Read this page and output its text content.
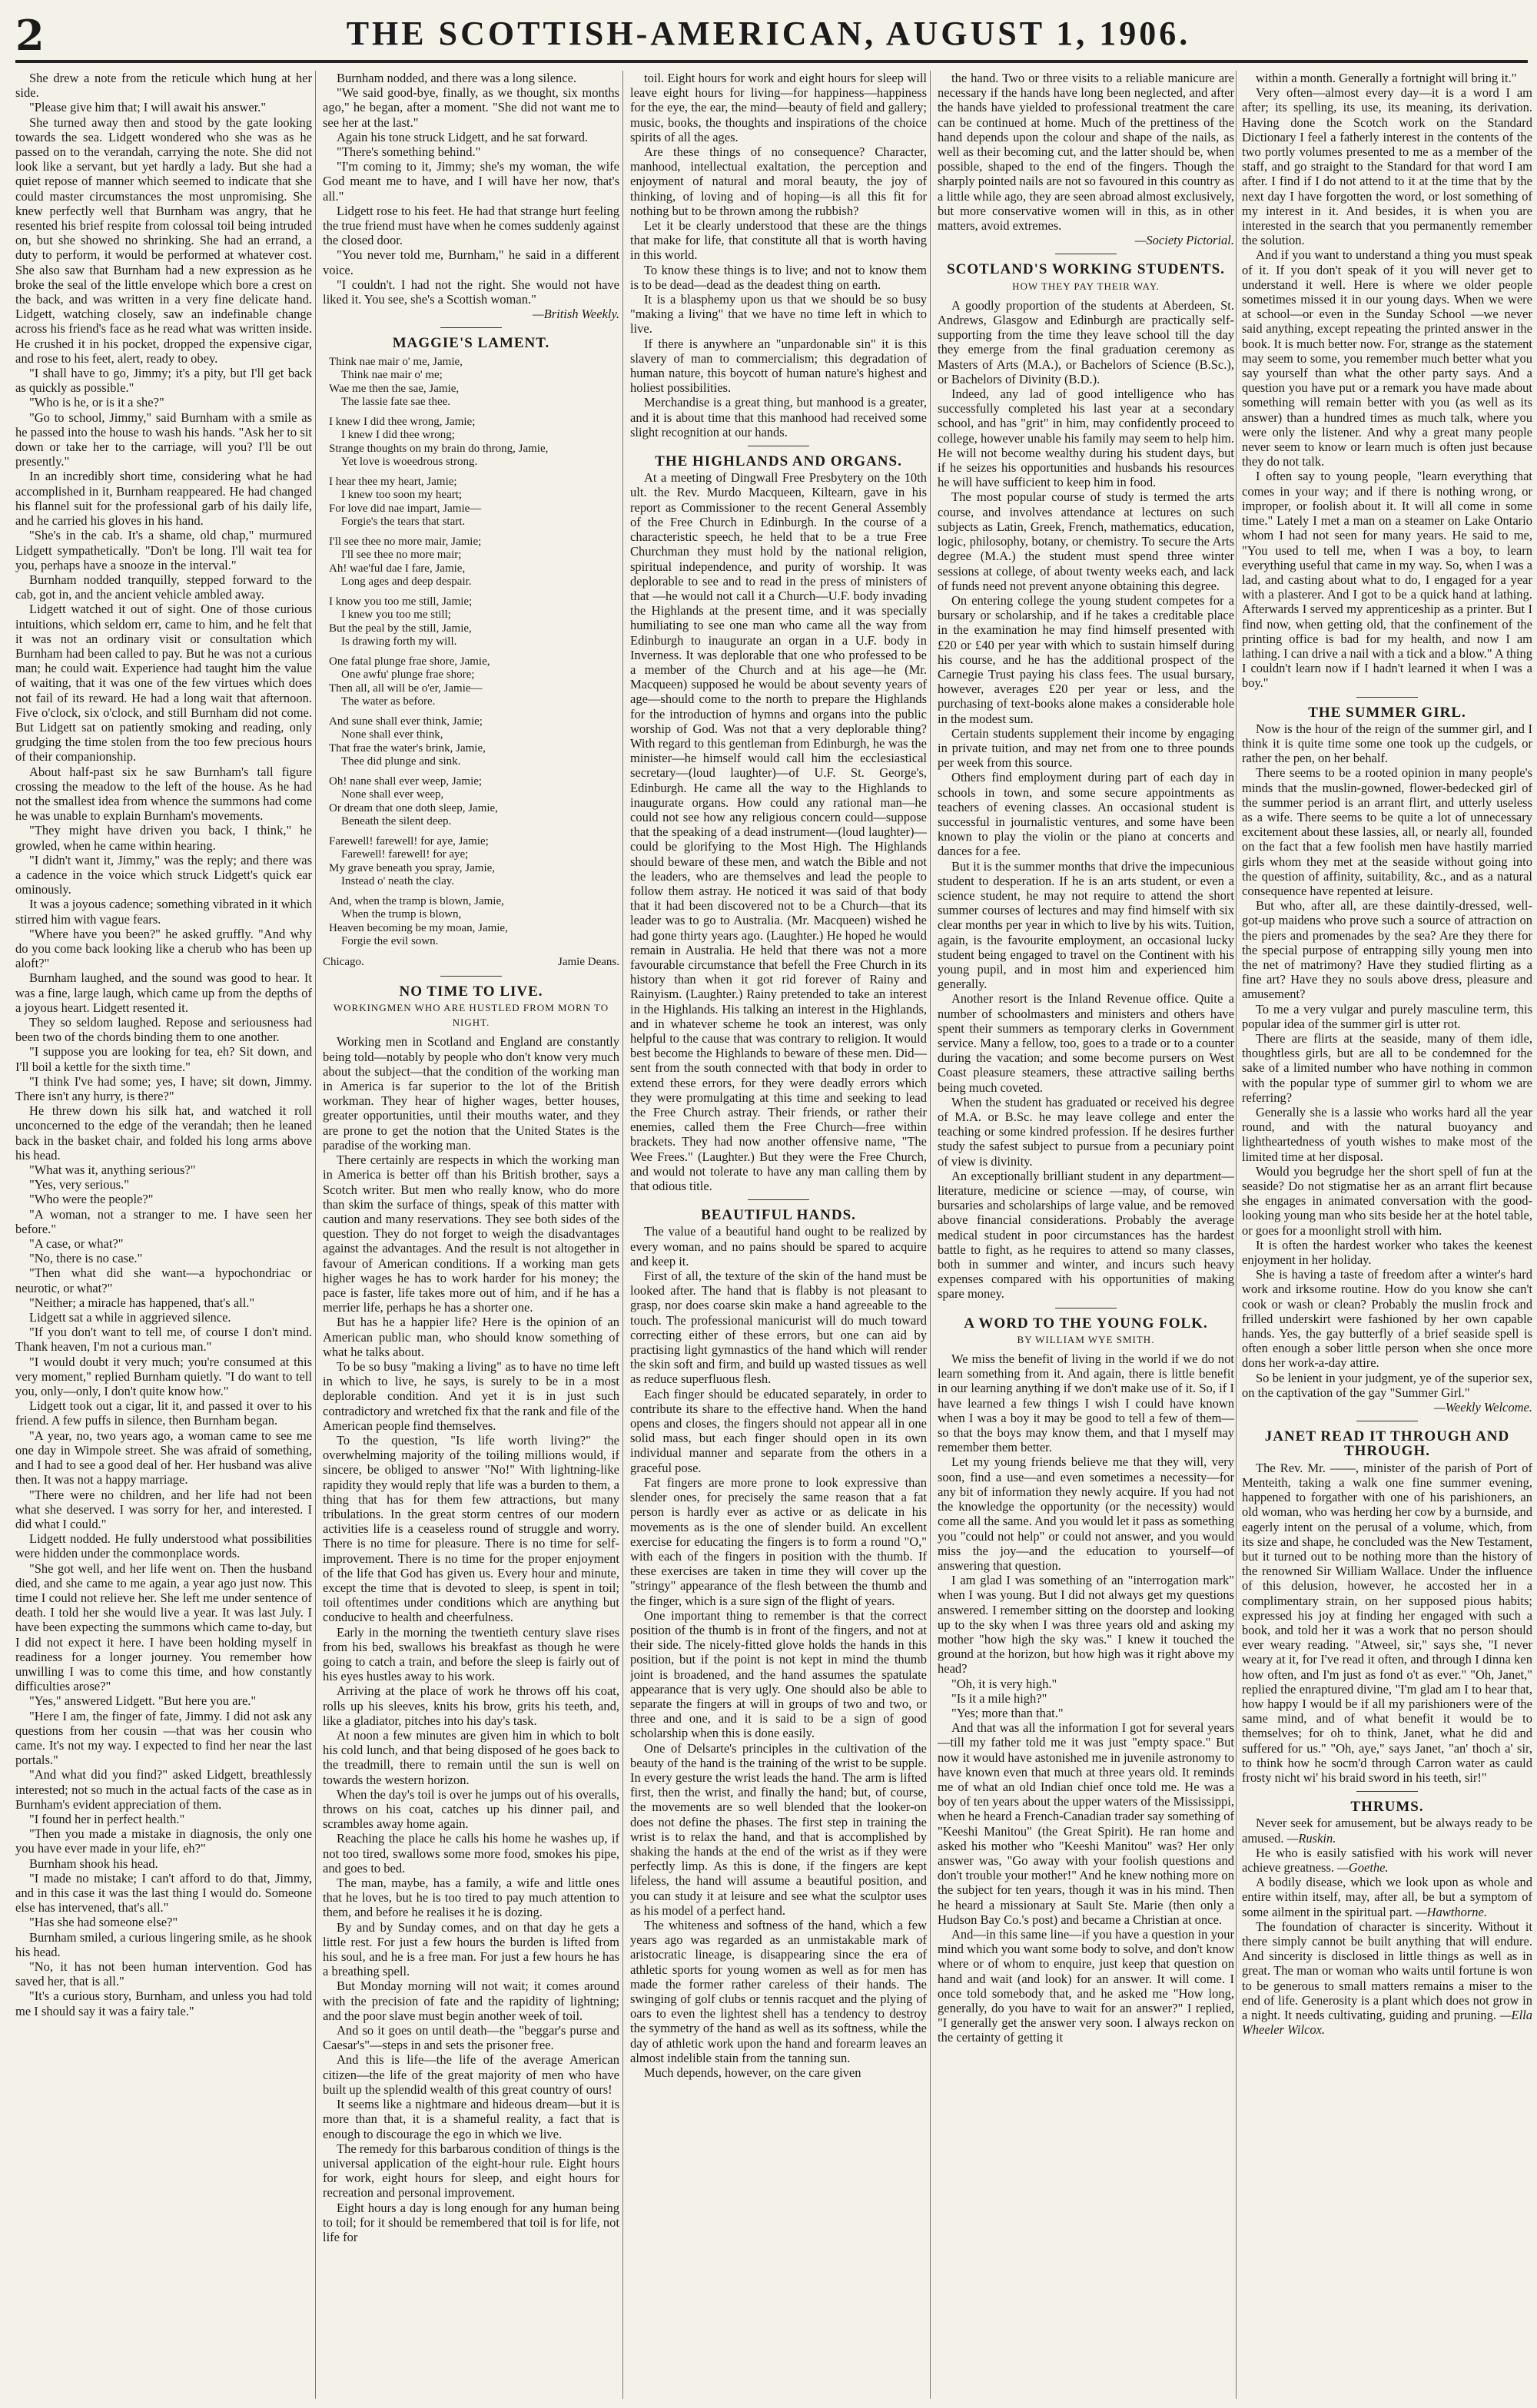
2	THE SCOTTISH-AMERICAN, AUGUST 1, 1906.

She drew a note from the reticule which hung at her side.

"Please give him that; I will await his answer."

She turned away then and stood by the gate looking towards the sea. Lidgett wondered who she was as he passed on to the verandah, carrying the note. She did not look like a servant, but yet hardly a lady. But she had a quiet repose of manner which seemed to indicate that she could master circumstances the most unpromising. She knew perfectly well that Burnham was angry, that he resented his brief respite from colossal toil being intruded on, but she showed no shrinking. She had an errand, a duty to perform, it would be performed at whatever cost. She also saw that Burnham had a new expression as he broke the seal of the little envelope which bore a crest on the back, and was written in a very fine delicate hand. Lidgett, watching closely, saw an indefinable change across his friend's face as he read what was written inside. He crushed it in his pocket, dropped the expensive cigar, and rose to his feet, alert, ready to obey.

"I shall have to go, Jimmy; it's a pity, but I'll get back as quickly as possible."

"Who is he, or is it a she?"

"Go to school, Jimmy," said Burnham with a smile as he passed into the house to wash his hands. "Ask her to sit down or take her to the carriage, will you? I'll be out presently."

In an incredibly short time, considering what he had accomplished in it, Burnham reappeared. He had changed his flannel suit for the professional garb of his daily life, and he carried his gloves in his hand.

"She's in the cab. It's a shame, old chap," murmured Lidgett sympathetically. "Don't be long. I'll wait tea for you, perhaps have a snooze in the interval."

Burnham nodded tranquilly, stepped forward to the cab, got in, and the ancient vehicle ambled away.

Lidgett watched it out of sight. One of those curious intuitions, which seldom err, came to him, and he felt that it was not an ordinary visit or consultation which Burnham had been called to pay. But he was not a curious man; he could wait. Experience had taught him the value of waiting, that it was one of the few virtues which does not fail of its reward. He had a long wait that afternoon. Five o'clock, six o'clock, and still Burnham did not come. But Lidgett sat on patiently smoking and reading, only grudging the time stolen from the too few precious hours of their companionship.

About half-past six he saw Burnham's tall figure crossing the meadow to the left of the house. As he had not the smallest idea from whence the summons had come he was unable to explain Burnham's movements.

"They might have driven you back, I think," he growled, when he came within hearing.

"I didn't want it, Jimmy," was the reply; and there was a cadence in the voice which struck Lidgett's quick ear ominously.

It was a joyous cadence; something vibrated in it which stirred him with vague fears.

"Where have you been?" he asked gruffly. "And why do you come back looking like a cherub who has been up aloft?"

Burnham laughed, and the sound was good to hear. It was a fine, large laugh, which came up from the depths of a joyous heart. Lidgett resented it.

They so seldom laughed. Repose and seriousness had been two of the chords binding them to one another.

"I suppose you are looking for tea, eh? Sit down, and I'll boil a kettle for the sixth time."

"I think I've had some; yes, I have; sit down, Jimmy. There isn't any hurry, is there?"

He threw down his silk hat, and watched it roll unconcerned to the edge of the verandah; then he leaned back in the basket chair, and folded his long arms above his head.

"What was it, anything serious?"

"Yes, very serious."

"Who were the people?"

"A woman, not a stranger to me. I have seen her before."

"A case, or what?"

"No, there is no case."

"Then what did she want—a hypochondriac or neurotic, or what?"

"Neither; a miracle has happened, that's all."

Lidgett sat a while in aggrieved silence.

"If you don't want to tell me, of course I don't mind. Thank heaven, I'm not a curious man."

"I would doubt it very much; you're consumed at this very moment," replied Burnham quietly. "I do want to tell you, only—only, I don't quite know how."

Lidgett took out a cigar, lit it, and passed it over to his friend. A few puffs in silence, then Burnham began.

"A year, no, two years ago, a woman came to see me one day in Wimpole street. She was afraid of something, and I had to see a good deal of her. Her husband was alive then. It was not a happy marriage.

"There were no children, and her life had not been what she deserved. I was sorry for her, and interested. I did what I could."

Lidgett nodded. He fully understood what possibilities were hidden under the commonplace words.

"She got well, and her life went on. Then the husband died, and she came to me again, a year ago just now. This time I could not relieve her. She left me under sentence of death. I told her she would live a year. It was last July. I have been expecting the summons which came to-day, but I did not expect it here. I have been holding myself in readiness for a longer journey. You remember how unwilling I was to come this time, and how constantly difficulties arose?"

"Yes," answered Lidgett. "But here you are."

"Here I am, the finger of fate, Jimmy. I did not ask any questions from her cousin —that was her cousin who came. It's not my way. I expected to find her near the last portals."

"And what did you find?" asked Lidgett, breathlessly interested; not so much in the actual facts of the case as in Burnham's evident appreciation of them.

"I found her in perfect health."

"Then you made a mistake in diagnosis, the only one you have ever made in your life, eh?"

Burnham shook his head.

"I made no mistake; I can't afford to do that, Jimmy, and in this case it was the last thing I would do. Someone else has intervened, that's all."

"Has she had someone else?"

Burnham smiled, a curious lingering smile, as he shook his head.

"No, it has not been human intervention. God has saved her, that is all."

"It's a curious story, Burnham, and unless you had told me I should say it was a fairy tale."

Burnham nodded, and there was a long silence.

"We said good-bye, finally, as we thought, six months ago," he began, after a moment. "She did not want me to see her at the last."

Again his tone struck Lidgett, and he sat forward.

"There's something behind."

"I'm coming to it, Jimmy; she's my woman, the wife God meant me to have, and I will have her now, that's all."

Lidgett rose to his feet. He had that strange hurt feeling the true friend must have when he comes suddenly against the closed door.

"You never told me, Burnham," he said in a different voice.

"I couldn't. I had not the right. She would not have liked it. You see, she's a Scottish woman."

—British Weekly.
MAGGIE'S LAMENT.
Think nae mair o' me, Jamie,
Think nae mair o' me;
Wae me then the sae, Jamie,
The lassie fate sae thee.
I knew I did thee wrong, Jamie;
I knew I did thee wrong;
Strange thoughts on my brain do throng, Jamie,
Yet love is woeedrous strong.
I hear thee my heart, Jamie;
I knew too soon my heart;
For love did nae impart, Jamie—
Forgie's the tears that start.
I'll see thee no more mair, Jamie;
I'll see thee no more mair;
Ah! wae'ful dae I fare, Jamie,
Long ages and deep despair.
I know you too me still, Jamie;
I knew you too me still;
But the peal by the still, Jamie,
Is drawing forth my will.
One fatal plunge frae shore, Jamie,
One awfu' plunge frae shore;
Then all, all will be o'er, Jamie—
The water as before.
And sune shall ever think, Jamie;
None shall ever think,
That frae the water's brink, Jamie,
Thee did plunge and sink.
Oh! nane shall ever weep, Jamie;
None shall ever weep,
Or dream that one doth sleep, Jamie,
Beneath the silent deep.
Farewell! farewell! for aye, Jamie;
Farewell! farewell! for aye;
My grave beneath you spray, Jamie,
Instead o' neath the clay.
And, when the tramp is blown, Jamie,
When the trump is blown,
Heaven becoming be my moan, Jamie,
Forgie the evil sown.
Chicago.	Jamie Deans.
NO TIME TO LIVE.
WORKINGMEN WHO ARE HUSTLED FROM MORN TO NIGHT.

Working men in Scotland and England are constantly being told—notably by people who don't know very much about the subject—that the condition of the working man in America is far superior to the lot of the British workman. They hear of higher wages, better houses, greater opportunities, until their mouths water, and they are prone to get the notion that the United States is the paradise of the working man.

There certainly are respects in which the working man in America is better off than his British brother, says a Scotch writer. But men who really know, who do more than skim the surface of things, speak of this matter with caution and many reservations. They see both sides of the question. They do not forget to weigh the disadvantages against the advantages. And the result is not altogether in favour of American conditions. If a working man gets higher wages he has to work harder for his money; the pace is faster, life takes more out of him, and if he has a merrier life, perhaps he has a shorter one.

But has he a happier life? Here is the opinion of an American public man, who should know something of what he talks about.

To be so busy "making a living" as to have no time left in which to live, he says, is surely to be in a most deplorable condition. And yet it is in just such contradictory and wretched fix that the rank and file of the American people find themselves.

To the question, "Is life worth living?" the overwhelming majority of the toiling millions would, if sincere, be obliged to answer "No!" With lightning-like rapidity they would reply that life was a burden to them, a thing that has for them few attractions, but many tribulations. In the great storm centres of our modern activities life is a ceaseless round of struggle and worry. There is no time for pleasure. There is no time for self-improvement. There is no time for the proper enjoyment of the life that God has given us. Every hour and minute, except the time that is devoted to sleep, is spent in toil; toil oftentimes under conditions which are anything but conducive to health and cheerfulness.

Early in the morning the twentieth century slave rises from his bed, swallows his breakfast as though he were going to catch a train, and before the sleep is fairly out of his eyes hustles away to his work.

Arriving at the place of work he throws off his coat, rolls up his sleeves, knits his brow, grits his teeth, and, like a gladiator, pitches into his day's task.

At noon a few minutes are given him in which to bolt his cold lunch, and that being disposed of he goes back to the treadmill, there to remain until the sun is well on towards the western horizon.

When the day's toil is over he jumps out of his overalls, throws on his coat, catches up his dinner pail, and scrambles away home again.

Reaching the place he calls his home he washes up, if not too tired, swallows some more food, smokes his pipe, and goes to bed.

The man, maybe, has a family, a wife and little ones that he loves, but he is too tired to pay much attention to them, and before he realises it he is dozing.

By and by Sunday comes, and on that day he gets a little rest. For just a few hours the burden is lifted from his soul, and he is a free man. For just a few hours he has a breathing spell.

But Monday morning will not wait; it comes around with the precision of fate and the rapidity of lightning; and the poor slave must begin another week of toil.

And so it goes on until death—the "beggar's purse and Caesar's"—steps in and sets the prisoner free.

And this is life—the life of the average American citizen—the life of the great majority of men who have built up the splendid wealth of this great country of ours!

It seems like a nightmare and hideous dream—but it is more than that, it is a shameful reality, a fact that is enough to discourage the ego in which we live.

The remedy for this barbarous condition of things is the universal application of the eight-hour rule. Eight hours for work, eight hours for sleep, and eight hours for recreation and personal improvement.

Eight hours a day is long enough for any human being to toil; for it should be remembered that toil is for life, not life for

toil. Eight hours for work and eight hours for sleep will leave eight hours for living—for happiness—happiness for the eye, the ear, the mind—beauty of field and gallery; music, books, the thoughts and inspirations of the choice spirits of all the ages.

Are these things of no consequence? Character, manhood, intellectual exaltation, the perception and enjoyment of natural and moral beauty, the joy of thinking, of loving and of hoping—is all this fit for nothing but to be thrown among the rubbish?

Let it be clearly understood that these are the things that make for life, that constitute all that is worth having in this world.

To know these things is to live; and not to know them is to be dead—dead as the deadest thing on earth.

It is a blasphemy upon us that we should be so busy "making a living" that we have no time left in which to live.

If there is anywhere an "unpardonable sin" it is this slavery of man to commercialism; this degradation of human nature, this boycott of human nature's highest and holiest possibilities.

Merchandise is a great thing, but manhood is a greater, and it is about time that this manhood had received some slight recognition at our hands.

THE HIGHLANDS AND ORGANS.

At a meeting of Dingwall Free Presbytery on the 10th ult. the Rev. Murdo Macqueen, Kiltearn, gave in his report as Commissioner to the recent General Assembly of the Free Church in Edinburgh. In the course of a characteristic speech, he held that to be a true Free Churchman they must hold by the national religion, spiritual independence, and purity of worship. It was deplorable to see and to read in the press of ministers of that —he would not call it a Church—U.F. body invading the Highlands at the present time, and it was specially humiliating to see one man who came all the way from Edinburgh to inaugurate an organ in a U.F. body in Inverness. It was deplorable that one who professed to be a member of the Church and at his age—he (Mr. Macqueen) supposed he would be about seventy years of age—should come to the north to prepare the Highlands for the introduction of hymns and organs into the public worship of God. Was not that a very deplorable thing? With regard to this gentleman from Edinburgh, he was the minister—he himself would call him the ecclesiastical secretary—(loud laughter)—of U.F. St. George's, Edinburgh. He came all the way to the Highlands to inaugurate organs. How could any rational man—he could not see how any religious concern could—suppose that the speaking of a dead instrument—(loud laughter)—could be glorifying to the Most High. The Highlands should beware of these men, and watch the Bible and not the leaders, who are themselves and lead the people to follow them astray. He noticed it was said of that body that it had been discovered not to be a Church—that its leader was to go to Australia. (Mr. Macqueen) wished he had gone thirty years ago. (Laughter.) He hoped he would remain in Australia. He held that there was not a more favourable circumstance that befell the Free Church in its history than when it got rid forever of Rainy and Rainyism. (Laughter.) Rainy pretended to take an interest in the Highlands. His talking an interest in the Highlands, and in whatever scheme he took an interest, was only helpful to the cause that was contrary to religion. It would best become the Highlands to beware of these men. Did—sent from the south connected with that body in order to extend these errors, for they were deadly errors which they were promulgating at this time and seeking to lead the Free Church astray. Their friends, or rather their enemies, called them the Free Church—free within brackets. They had now another offensive name, "The Wee Frees." (Laughter.) But they were the Free Church, and would not tolerate to have any man calling them by that odious title.

BEAUTIFUL HANDS.

The value of a beautiful hand ought to be realized by every woman, and no pains should be spared to acquire and keep it.

First of all, the texture of the skin of the hand must be looked after. The hand that is flabby is not pleasant to grasp, nor does coarse skin make a hand agreeable to the touch. The professional manicurist will do much toward correcting either of these errors, but one can aid by practising light gymnastics of the hand which will render the skin soft and firm, and build up wasted tissues as well as reduce superfluous flesh.

Each finger should be educated separately, in order to contribute its share to the effective hand. When the hand opens and closes, the fingers should not appear all in one solid mass, but each finger should open in its own individual manner and separate from the others in a graceful pose.

Fat fingers are more prone to look expressive than slender ones, for precisely the same reason that a fat person is hardly ever as active or as delicate in his movements as is the one of slender build. An excellent exercise for educating the fingers is to form a round "O," with each of the fingers in position with the thumb. If these exercises are taken in time they will cover up the "stringy" appearance of the flesh between the thumb and the finger, which is a sure sign of the flight of years.

One important thing to remember is that the correct position of the thumb is in front of the fingers, and not at their side. The nicely-fitted glove holds the hands in this position, but if the point is not kept in mind the thumb joint is broadened, and the hand assumes the spatulate appearance that is very ugly. One should also be able to separate the fingers at will in groups of two and two, or three and one, and it is said to be a sign of good scholarship when this is done easily.

One of Delsarte's principles in the cultivation of the beauty of the hand is the training of the wrist to be supple. In every gesture the wrist leads the hand. The arm is lifted first, then the wrist, and finally the hand; but, of course, the movements are so well blended that the looker-on does not define the phases. The first step in training the wrist is to relax the hand, and that is accomplished by shaking the hands at the end of the wrist as if they were perfectly limp. As this is done, if the fingers are kept lifeless, the hand will assume a beautiful position, and you can study it at leisure and see what the sculptor uses as his model of a perfect hand.

The whiteness and softness of the hand, which a few years ago was regarded as an unmistakable mark of aristocratic lineage, is disappearing since the era of athletic sports for young women as well as for men has made the former rather careless of their hands. The swinging of golf clubs or tennis racquet and the plying of oars to even the lightest shell has a tendency to destroy the symmetry of the hand as well as its softness, while the day of athletic work upon the hand and forearm leaves an almost indelible stain from the tanning sun.

Much depends, however, on the care given

the hand. Two or three visits to a reliable manicure are necessary if the hands have long been neglected, and after the hands have yielded to professional treatment the care can be continued at home. Much of the prettiness of the hand depends upon the colour and shape of the nails, as well as their becoming cut, and the latter should be, when possible, shaped to the end of the fingers. Though the sharply pointed nails are not so favoured in this country as a little while ago, they are seen abroad almost exclusively, but more conservative women will in this, as in other matters, avoid extremes.

—Society Pictorial.
SCOTLAND'S WORKING STUDENTS.
HOW THEY PAY THEIR WAY.

A goodly proportion of the students at Aberdeen, St. Andrews, Glasgow and Edinburgh are practically self-supporting from the time they leave school till the day they emerge from the final graduation ceremony as Masters of Arts (M.A.), or Bachelors of Science (B.Sc.), or Bachelors of Divinity (B.D.).

Indeed, any lad of good intelligence who has successfully completed his last year at a secondary school, and has "grit" in him, may confidently proceed to college, however unable his family may seem to help him. He will not become wealthy during his student days, but if he seizes his opportunities and husbands his resources he will have sufficient to keep him in food.

The most popular course of study is termed the arts course, and involves attendance at lectures on such subjects as Latin, Greek, French, mathematics, education, logic, philosophy, botany, or chemistry. To secure the Arts degree (M.A.) the student must spend three winter sessions at college, of about twenty weeks each, and lack of funds need not prevent anyone obtaining this degree.

On entering college the young student competes for a bursary or scholarship, and if he takes a creditable place in the examination he may find himself presented with £20 or £40 per year with which to sustain himself during his course, and he has the additional prospect of the Carnegie Trust paying his class fees. The usual bursary, however, averages £20 per year or less, and the purchasing of text-books alone makes a considerable hole in the modest sum.

Certain students supplement their income by engaging in private tuition, and may net from one to three pounds per week from this source.

Others find employment during part of each day in schools in town, and some secure appointments as teachers of evening classes. An occasional student is successful in journalistic ventures, and some have been known to play the violin or the piano at concerts and dances for a fee.

But it is the summer months that drive the impecunious student to desperation. If he is an arts student, or even a science student, he may not require to attend the short summer courses of lectures and may find himself with six clear months per year in which to live by his wits. Tuition, again, is the favourite employment, an occasional lucky student being engaged to travel on the Continent with his young pupil, and in most him and experienced him generally.

Another resort is the Inland Revenue office. Quite a number of schoolmasters and ministers and others have spent their summers as temporary clerks in Government service. Many a fellow, too, goes to a trade or to a counter during the vacation; and some become pursers on West Coast pleasure steamers, these attractive sailing berths being much coveted.

When the student has graduated or received his degree of M.A. or B.Sc. he may leave college and enter the teaching or some kindred profession. If he desires further study the safest subject to pursue from a pecuniary point of view is divinity.

An exceptionally brilliant student in any department—literature, medicine or science —may, of course, win bursaries and scholarships of large value, and be removed above financial considerations. Probably the average medical student in poor circumstances has the hardest battle to fight, as he requires to attend so many classes, both in summer and winter, and incurs such heavy expenses compared with his opportunities of making spare money.

A WORD TO THE YOUNG FOLK.
BY WILLIAM WYE SMITH.

We miss the benefit of living in the world if we do not learn something from it. And again, there is little benefit in our learning anything if we don't make use of it. So, if I have learned a few things I wish I could have known when I was a boy it may be good to tell a few of them—so that the boys may know them, and that I myself may remember them better.

Let my young friends believe me that they will, very soon, find a use—and even sometimes a necessity—for any bit of information they newly acquire. If you had not the knowledge the opportunity (or the necessity) would come all the same. And you would let it pass as something you "could not help" or could not answer, and you would miss the joy—and the education to yourself—of answering that question.

I am glad I was something of an "interrogation mark" when I was young. But I did not always get my questions answered. I remember sitting on the doorstep and looking up to the sky when I was three years old and asking my mother "how high the sky was." I knew it touched the ground at the horizon, but how high was it right above my head?

"Oh, it is very high."

"Is it a mile high?"

"Yes; more than that."

And that was all the information I got for several years—till my father told me it was just "empty space." But now it would have astonished me in juvenile astronomy to have known even that much at three years old. It reminds me of what an old Indian chief once told me. He was a boy of ten years about the upper waters of the Mississippi, when he heard a French-Canadian trader say something of "Keeshi Manitou" (the Great Spirit). He ran home and asked his mother who "Keeshi Manitou" was? Her only answer was, "Go away with your foolish questions and don't trouble your mother!" And he knew nothing more on the subject for ten years, though it was in his mind. Then he heard a missionary at Sault Ste. Marie (then only a Hudson Bay Co.'s post) and became a Christian at once.

And—in this same line—if you have a question in your mind which you want some body to solve, and don't know where or of whom to enquire, just keep that question on hand and wait (and look) for an answer. It will come. I once told somebody that, and he asked me "How long, generally, do you have to wait for an answer?" I replied, "I generally get the answer very soon. I always reckon on the certainty of getting it

within a month. Generally a fortnight will bring it."

Very often—almost every day—it is a word I am after; its spelling, its use, its meaning, its derivation. Having done the Scotch work on the Standard Dictionary I feel a fatherly interest in the contents of the two portly volumes presented to me as a member of the staff, and go straight to the Standard for that word I am after. I find if I do not attend to it at the time that by the next day I have forgotten the word, or lost something of my interest in it. And besides, it is when you are interested in the search that you permanently remember the solution.

And if you want to understand a thing you must speak of it. If you don't speak of it you will never get to understand it well. Here is where we older people sometimes missed it in our young days. When we were at school—or even in the Sunday School —we never said anything, except repeating the printed answer in the book. It is much better now. For, strange as the statement may seem to some, you remember much better what you say yourself than what the other party says. And a question you have put or a remark you have made about something will remain better with you (as well as its answer) than a hundred times as much talk, where you were only the listener. And why a great many people never seem to know or learn much is often just because they do not talk.

I often say to young people, "learn everything that comes in your way; and if there is nothing wrong, or improper, or foolish about it. It will all come in some time." Lately I met a man on a steamer on Lake Ontario whom I had not seen for many years. He said to me, "You used to tell me, when I was a boy, to learn everything useful that came in my way. So, when I was a lad, and casting about what to do, I engaged for a year with a plasterer. And I got to be a quick hand at lathing. Afterwards I served my apprenticeship as a printer. But I find now, when getting old, that the confinement of the printing office is bad for my health, and now I am lathing. I can drive a nail with a tick and a blow." A thing I couldn't learn now if I hadn't learned it when I was a boy."

THE SUMMER GIRL.

Now is the hour of the reign of the summer girl, and I think it is quite time some one took up the cudgels, or rather the pen, on her behalf.

There seems to be a rooted opinion in many people's minds that the muslin-gowned, flower-bedecked girl of the summer period is an arrant flirt, and utterly useless as a wife. There seems to be quite a lot of unnecessary excitement about these lassies, all, or nearly all, founded on the fact that a few foolish men have hastily married girls whom they met at the seaside without going into the question of affinity, suitability, &c., and as a natural consequence have repented at leisure.

But who, after all, are these daintily-dressed, well-got-up maidens who prove such a source of attraction on the piers and promenades by the sea? Are they there for the special purpose of entrapping silly young men into the net of matrimony? Have they studied flirting as a fine art? Have they no souls above dress, pleasure and amusement?

To me a very vulgar and purely masculine term, this popular idea of the summer girl is utter rot.

There are flirts at the seaside, many of them idle, thoughtless girls, but are all to be condemned for the sake of a limited number who have nothing in common with the popular type of summer girl to whom we are referring?

Generally she is a lassie who works hard all the year round, and with the natural buoyancy and lightheartedness of youth wishes to make most of the limited time at her disposal.

Would you begrudge her the short spell of fun at the seaside? Do not stigmatise her as an arrant flirt because she engages in animated conversation with the good-looking young man who sits beside her at the hotel table, or goes for a moonlight stroll with him.

It is often the hardest worker who takes the keenest enjoyment in her holiday.

She is having a taste of freedom after a winter's hard work and irksome routine. How do you know she can't cook or wash or clean? Probably the muslin frock and frilled underskirt were fashioned by her own capable hands. Yes, the gay butterfly of a brief seaside spell is often enough a sober little person when she once more dons her work-a-day attire.

So be lenient in your judgment, ye of the superior sex, on the captivation of the gay "Summer Girl."

—Weekly Welcome.
JANET READ IT THROUGH AND THROUGH.

The Rev. Mr. ——, minister of the parish of Port of Menteith, taking a walk one fine summer evening, happened to forgather with one of his parishioners, an old woman, who was herding her cow by a burnside, and eagerly intent on the perusal of a volume, which, from its size and shape, he concluded was the New Testament, but it turned out to be nothing more than the history of the renowned Sir William Wallace. Under the influence of this delusion, however, he accosted her in a complimentary strain, on her supposed pious habits; expressed his joy at finding her engaged with such a book, and told her it was a work that no person should ever weary reading. "Atweel, sir," says she, "I never weary at it, for I've read it often, and through I dinna ken how often, and I'm just as fond o't as ever." "Oh, Janet," replied the enraptured divine, "I'm glad am I to hear that, how happy I would be if all my parishioners were of the same mind, and of what benefit it would be to themselves; for oh to think, Janet, what he did and suffered for us." "Oh, aye," says Janet, "an' thoch a' sir, to think how he socm'd through Carron water as cauld frosty nicht wi' his braid sword in his teeth, sir!"

THRUMS.

Never seek for amusement, but be always ready to be amused. —Ruskin.

He who is easily satisfied with his work will never achieve greatness. —Goethe.

A bodily disease, which we look upon as whole and entire within itself, may, after all, be but a symptom of some ailment in the spiritual part. —Hawthorne.

The foundation of character is sincerity. Without it there simply cannot be built anything that will endure. And sincerity is disclosed in little things as well as in great. The man or woman who waits until fortune is won to be generous to small matters remains a miser to the end of life. Generosity is a plant which does not grow in a night. It needs cultivating, guiding and pruning. —Ella Wheeler Wilcox.
